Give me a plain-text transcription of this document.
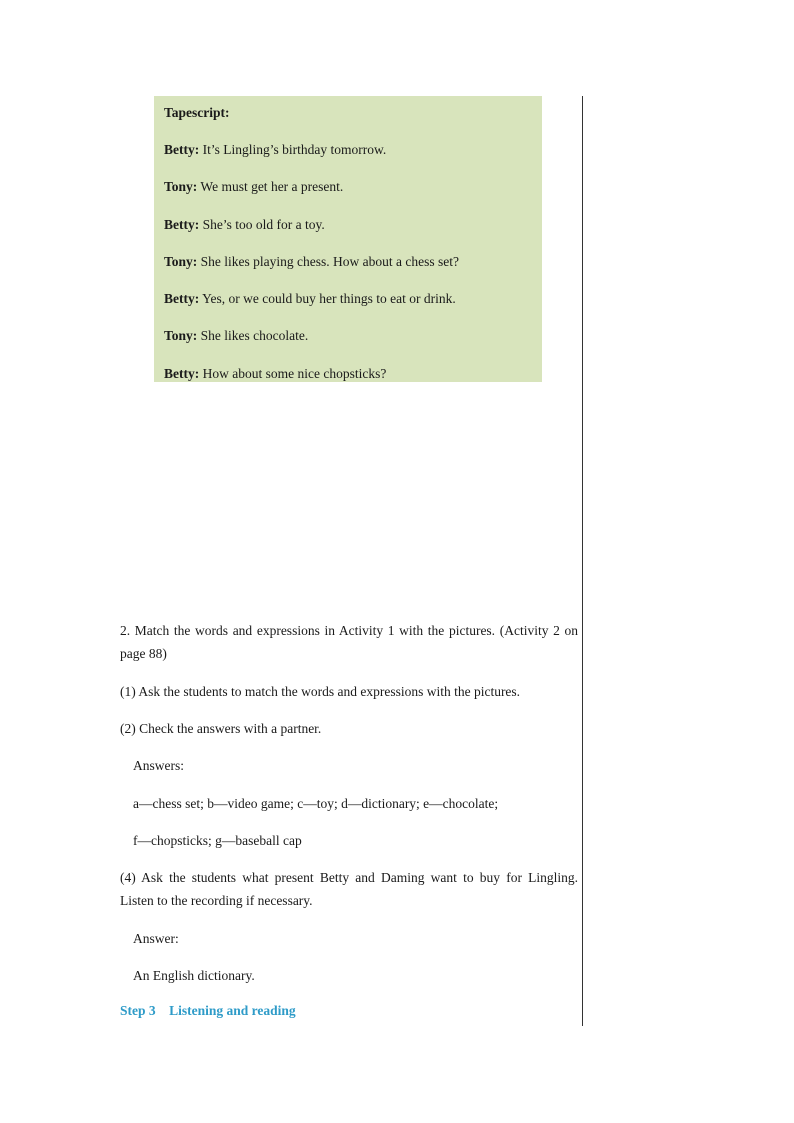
Tapescript:
Betty: It’s Lingling’s birthday tomorrow.
Tony: We must get her a present.
Betty: She’s too old for a toy.
Tony: She likes playing chess. How about a chess set?
Betty: Yes, or we could buy her things to eat or drink.
Tony: She likes chocolate.
Betty: How about some nice chopsticks?
2. Match the words and expressions in Activity 1 with the pictures. (Activity 2 on page 88)
(1) Ask the students to match the words and expressions with the pictures.
(2) Check the answers with a partner.
Answers:
a—chess set; b—video game; c—toy; d—dictionary; e—chocolate;
f—chopsticks; g—baseball cap
(4) Ask the students what present Betty and Daming want to buy for Lingling. Listen to the recording if necessary.
Answer:
An English dictionary.
Step 3    Listening and reading
